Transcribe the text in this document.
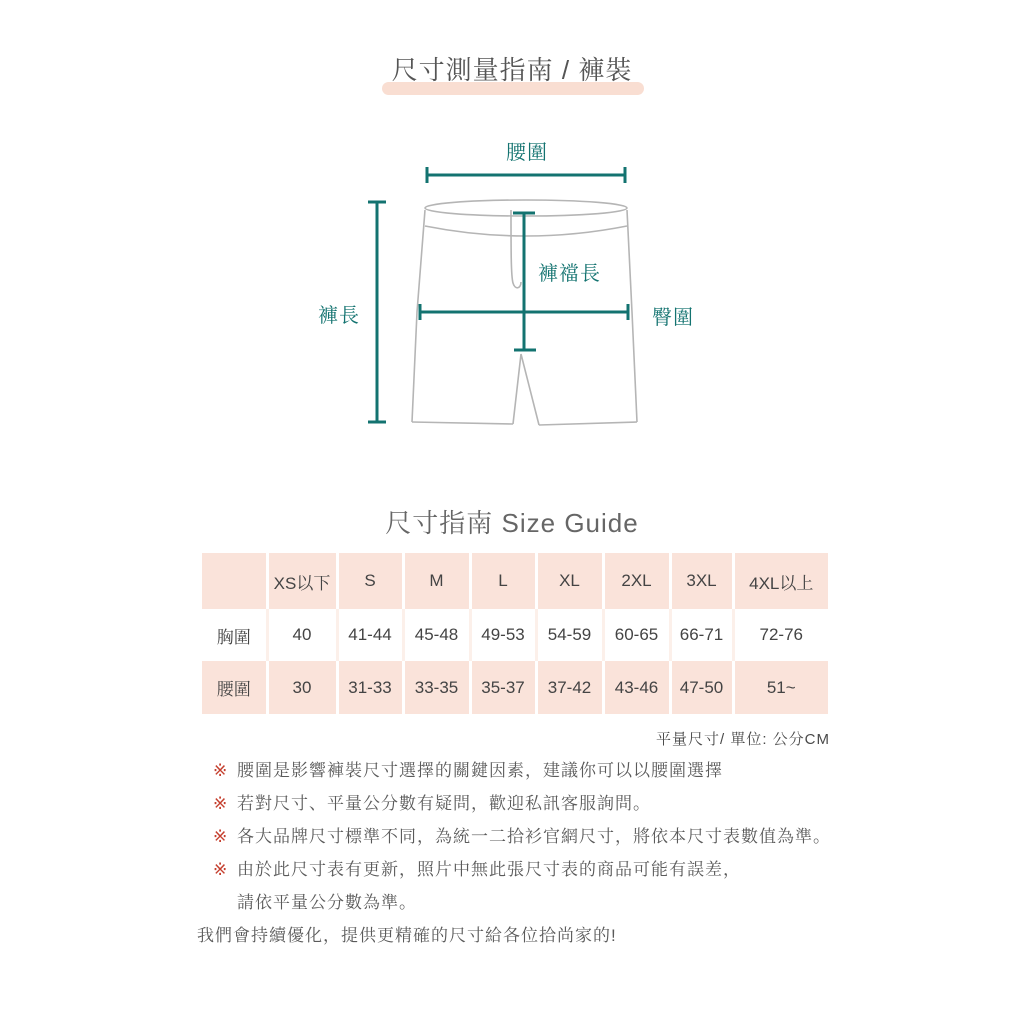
尺寸測量指南 / 褲裝
腰圍
褲長
褲襠長
臀圍
尺寸指南 Size Guide
	XS以下	S	M	L	XL	2XL	3XL	4XL以上
胸圍	40	41-44	45-48	49-53	54-59	60-65	66-71	72-76
腰圍	30	31-33	33-35	35-37	37-42	43-46	47-50	51~
平量尺寸/ 單位: 公分CM
※ 腰圍是影響褲裝尺寸選擇的關鍵因素，建議你可以以腰圍選擇
※ 若對尺寸、平量公分數有疑問，歡迎私訊客服詢問。
※ 各大品牌尺寸標準不同，為統一二拾衫官網尺寸，將依本尺寸表數值為準。
※ 由於此尺寸表有更新，照片中無此張尺寸表的商品可能有誤差，
請依平量公分數為準。
我們會持續優化，提供更精確的尺寸給各位拾尚家的!
